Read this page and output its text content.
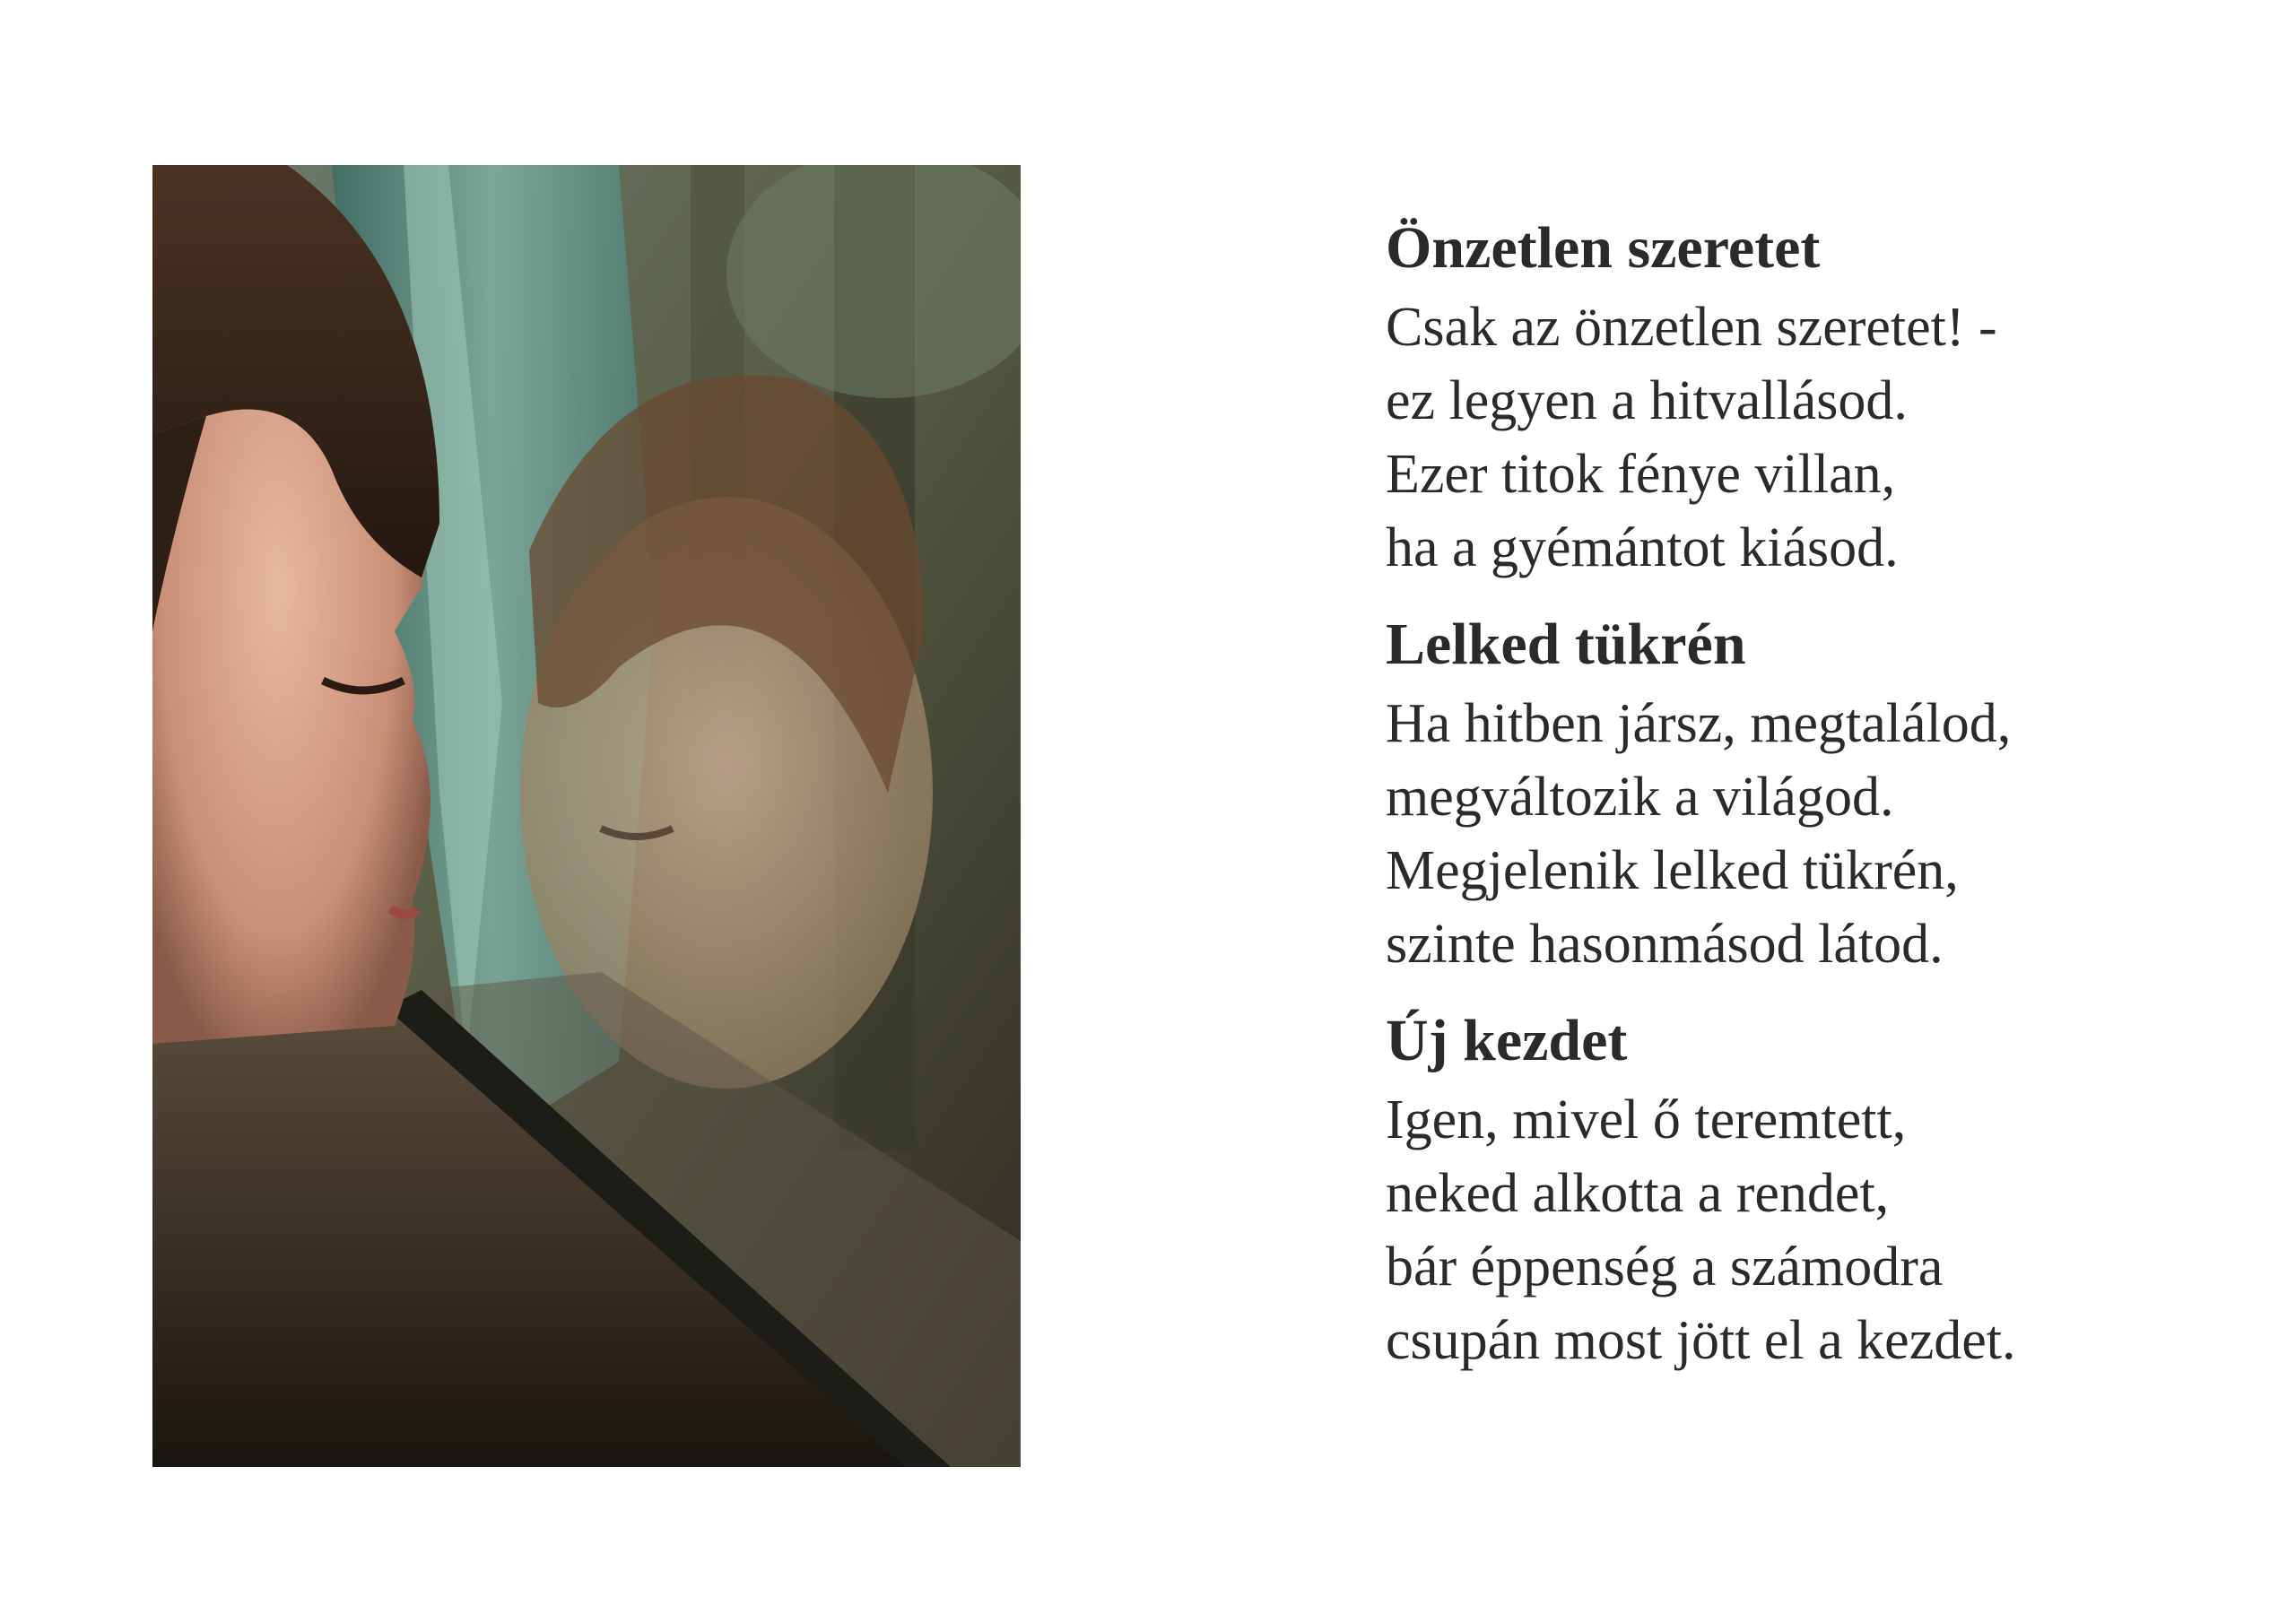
Önzetlen szeretet
Csak az önzetlen szeretet! -
ez legyen a hitvallásod.
Ezer titok fénye villan,
ha a gyémántot kiásod.
Lelked tükrén
Ha hitben jársz, megtalálod,
megváltozik a világod.
Megjelenik lelked tükrén,
szinte hasonmásod látod.
Új kezdet
Igen, mivel ő teremtett,
neked alkotta a rendet,
bár éppenség a számodra
csupán most jött el a kezdet.
